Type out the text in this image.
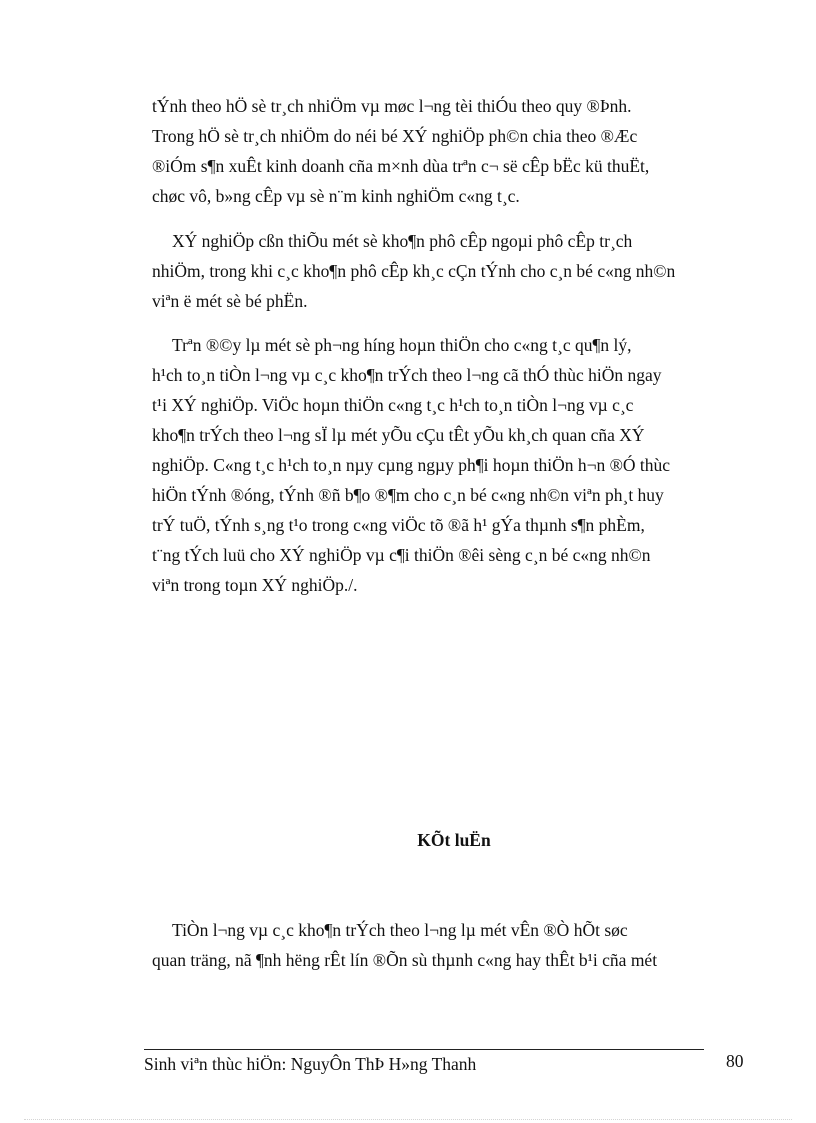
tÝnh theo hÖ sè tr¸ch nhiÖm vµ møc l¬ng tèi thiÓu theo quy ®Þnh.
Trong hÖ sè tr¸ch nhiÖm do néi bé XÝ nghiÖp ph©n chia theo ®Æc
®iÓm s¶n xuÊt kinh doanh cña m×nh dùa trªn c¬ së cÊp bËc kü thuËt,
chøc vô, b»ng cÊp vµ sè n¨m kinh nghiÖm c«ng t¸c.
XÝ nghiÖp cßn thiÕu mét sè kho¶n phô cÊp ngoµi phô cÊp tr¸ch
nhiÖm, trong khi c¸c kho¶n phô cÊp kh¸c cÇn tÝnh cho c¸n bé c«ng nh©n
viªn ë mét sè bé phËn.
Trªn ®©y lµ mét sè ph¬ng híng hoµn thiÖn cho c«ng t¸c qu¶n lý,
h¹ch to¸n tiÒn l¬ng vµ c¸c kho¶n trÝch theo l¬ng cã thÓ thùc hiÖn ngay
t¹i XÝ nghiÖp. ViÖc hoµn thiÖn c«ng t¸c h¹ch to¸n tiÒn l¬ng vµ c¸c
kho¶n trÝch theo l¬ng sÏ lµ mét yÕu cÇu tÊt yÕu kh¸ch quan cña XÝ
nghiÖp. C«ng t¸c h¹ch to¸n nµy cµng ngµy ph¶i hoµn thiÖn h¬n ®Ó thùc
hiÖn tÝnh ®óng, tÝnh ®ñ b¶o ®¶m cho c¸n bé c«ng nh©n viªn ph¸t huy
trÝ tuÖ, tÝnh s¸ng t¹o trong c«ng viÖc tõ ®ã h¹ gÝa thµnh s¶n phÈm,
t¨ng tÝch luü cho XÝ nghiÖp vµ c¶i thiÖn ®êi sèng c¸n bé c«ng nh©n
viªn trong toµn XÝ nghiÖp./.
KÕt luËn
TiÒn l¬ng vµ c¸c kho¶n trÝch theo l¬ng lµ mét vÊn ®Ò hÕt søc
quan träng, nã ¶nh hëng rÊt lín ®Õn sù thµnh c«ng hay thÊt b¹i cña mét
Sinh viªn thùc hiÖn: NguyÔn ThÞ H»ng Thanh	80
